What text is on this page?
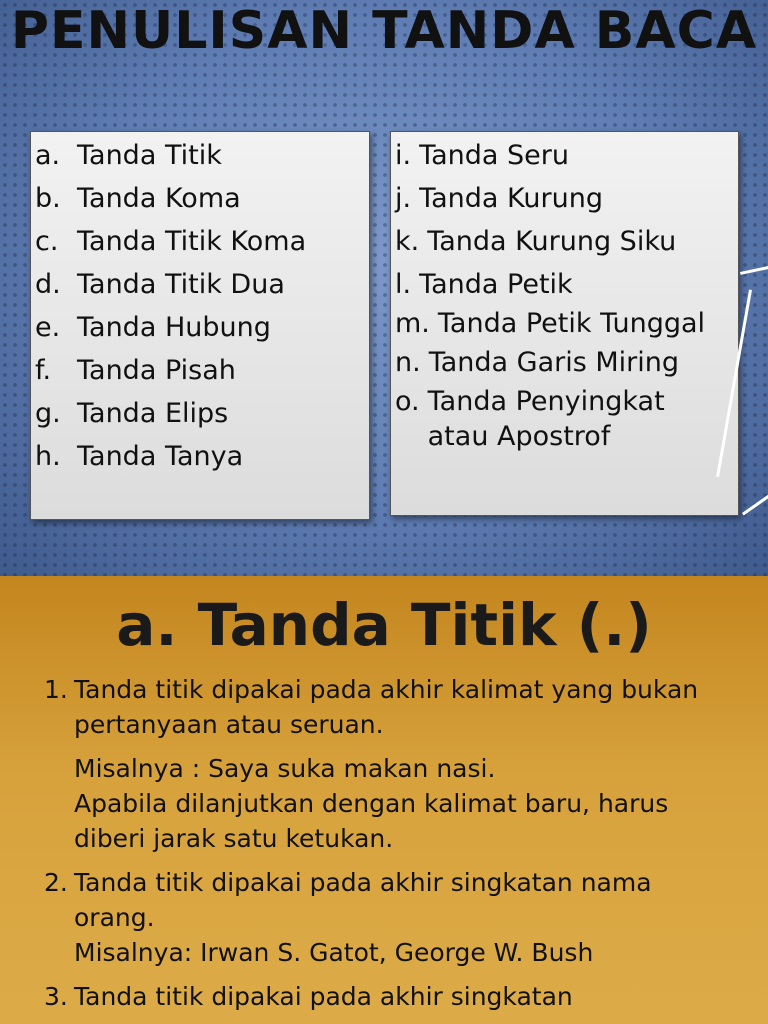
PENULISAN TANDA BACA
a. Tanda Titik
b. Tanda Koma
c. Tanda Titik Koma
d. Tanda Titik Dua
e. Tanda Hubung
f. Tanda Pisah
g. Tanda Elips
h. Tanda Tanya
i. Tanda Seru
j. Tanda Kurung
k. Tanda Kurung Siku
l. Tanda Petik
m. Tanda Petik Tunggal
n. Tanda Garis Miring
o. Tanda Penyingkat atau Apostrof
a. Tanda Titik (.)
1. Tanda titik dipakai pada akhir kalimat yang bukan pertanyaan atau seruan.
Misalnya : Saya suka makan nasi.
Apabila dilanjutkan dengan kalimat baru, harus diberi jarak satu ketukan.
2. Tanda titik dipakai pada akhir singkatan nama orang.
Misalnya: Irwan S. Gatot, George W. Bush
3. Tanda titik dipakai pada akhir singkatan
